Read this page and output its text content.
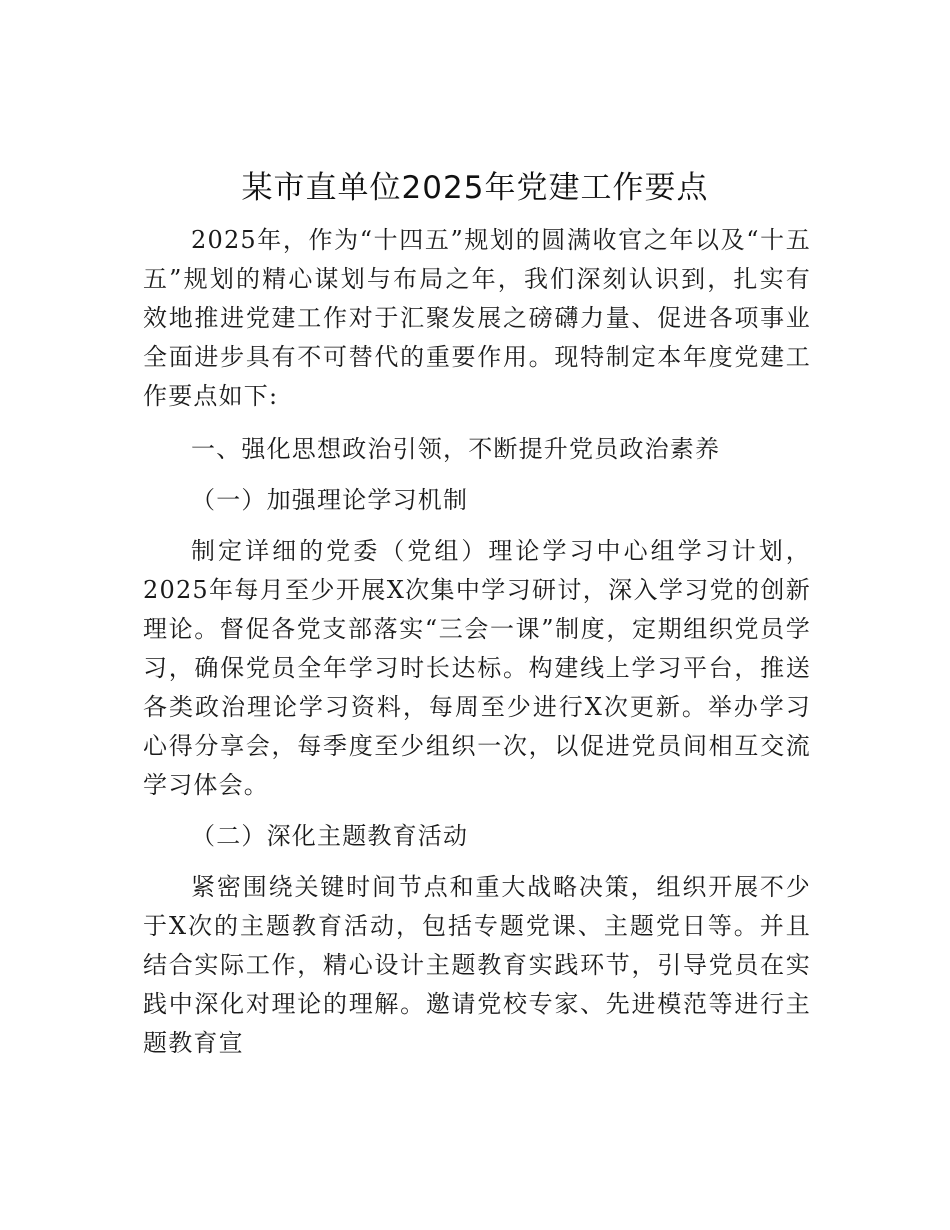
某市直单位2025年党建工作要点

2025年，作为“十四五”规划的圆满收官之年以及“十五五”规划的精心谋划与布局之年，我们深刻认识到，扎实有效地推进党建工作对于汇聚发展之磅礴力量、促进各项事业全面进步具有不可替代的重要作用。现特制定本年度党建工作要点如下:

一、强化思想政治引领，不断提升党员政治素养

（一）加强理论学习机制

制定详细的党委（党组）理论学习中心组学习计划，2025年每月至少开展X次集中学习研讨，深入学习党的创新理论。督促各党支部落实“三会一课”制度，定期组织党员学习，确保党员全年学习时长达标。构建线上学习平台，推送各类政治理论学习资料，每周至少进行X次更新。举办学习心得分享会，每季度至少组织一次，以促进党员间相互交流学习体会。

（二）深化主题教育活动

紧密围绕关键时间节点和重大战略决策，组织开展不少于X次的主题教育活动，包括专题党课、主题党日等。并且结合实际工作，精心设计主题教育实践环节，引导党员在实践中深化对理论的理解。邀请党校专家、先进模范等进行主题教育宣
